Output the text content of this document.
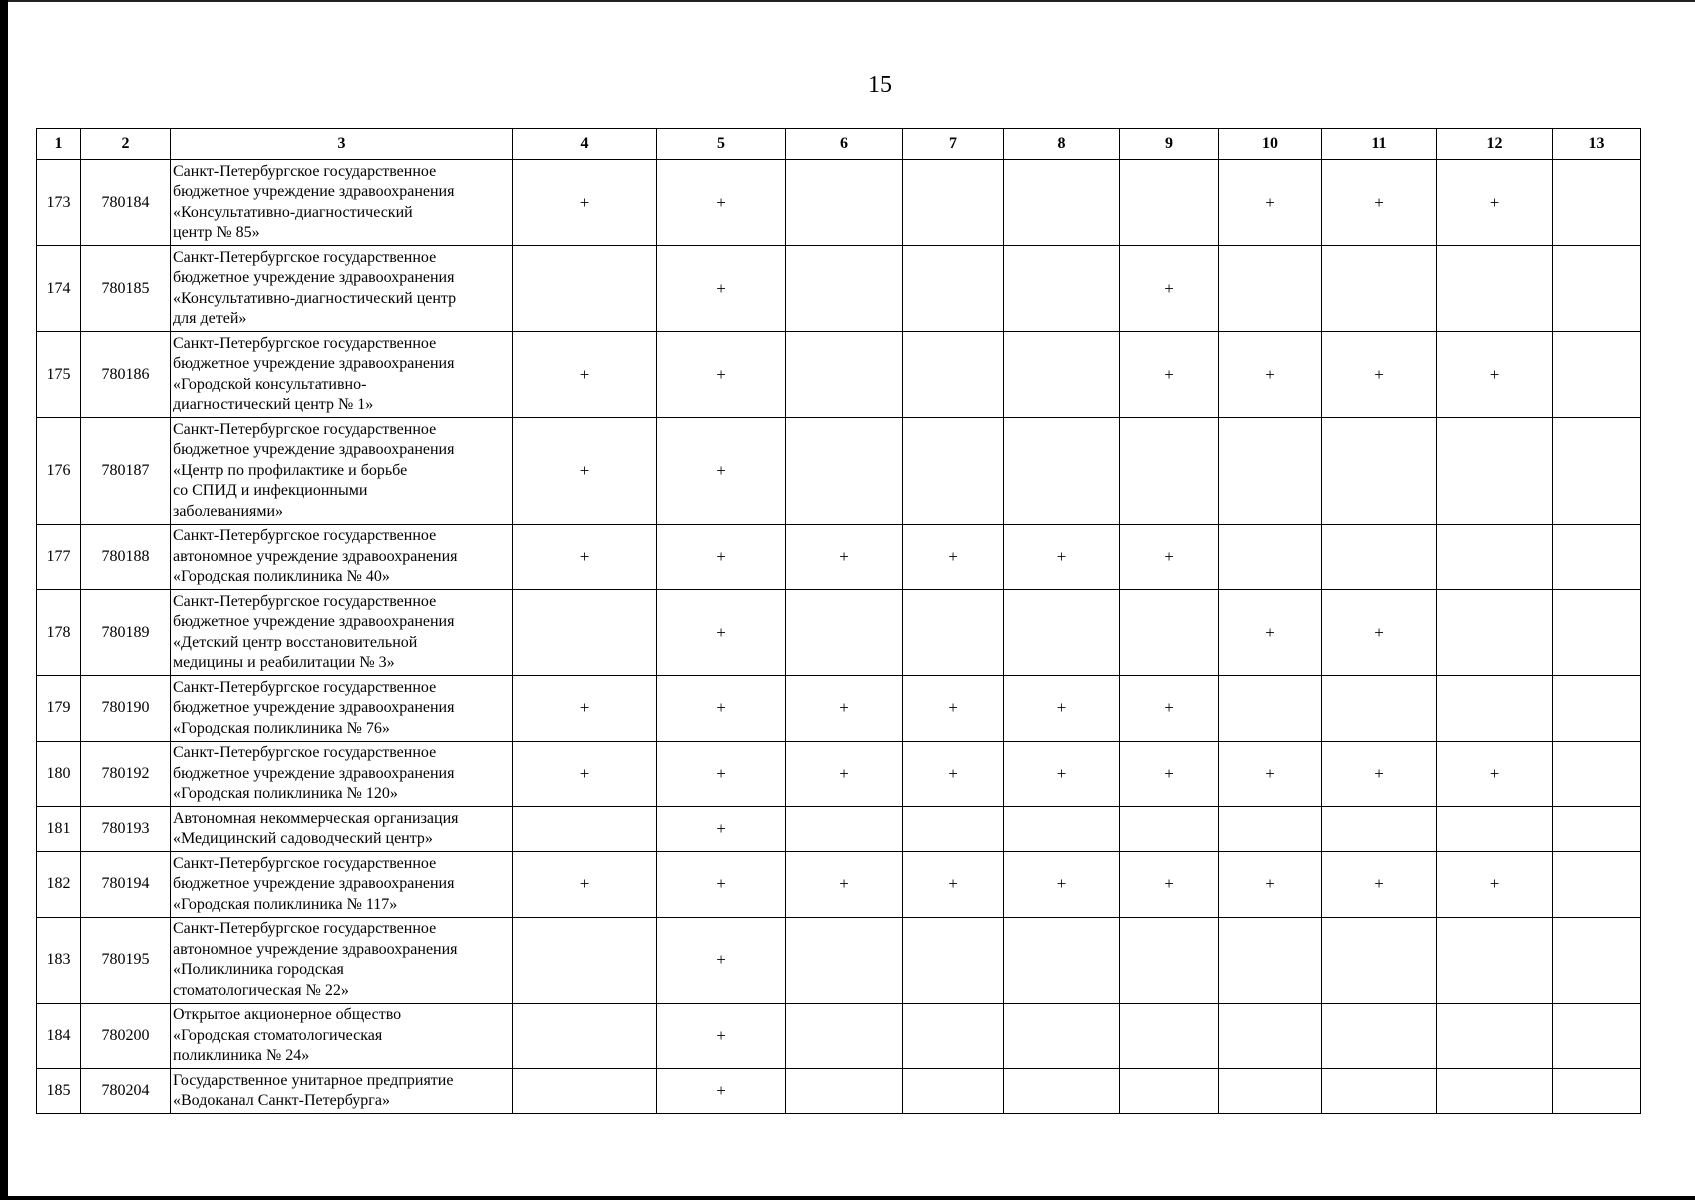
15
1	2	3	4	5	6	7	8	9	10	11	12	13
173	780184	Санкт-Петербургское государственное
бюджетное учреждение здравоохранения
«Консультативно-диагностический
центр № 85»	+	+					+	+	+	
174	780185	Санкт-Петербургское государственное
бюджетное учреждение здравоохранения
«Консультативно-диагностический центр
для детей»		+				+				
175	780186	Санкт-Петербургское государственное
бюджетное учреждение здравоохранения
«Городской консультативно-
диагностический центр № 1»	+	+				+	+	+	+	
176	780187	Санкт-Петербургское государственное
бюджетное учреждение здравоохранения
«Центр по профилактике и борьбе
со СПИД и инфекционными
заболеваниями»	+	+								
177	780188	Санкт-Петербургское государственное
автономное учреждение здравоохранения
«Городская поликлиника № 40»	+	+	+	+	+	+				
178	780189	Санкт-Петербургское государственное
бюджетное учреждение здравоохранения
«Детский центр восстановительной
медицины и реабилитации № 3»		+					+	+		
179	780190	Санкт-Петербургское государственное
бюджетное учреждение здравоохранения
«Городская поликлиника № 76»	+	+	+	+	+	+				
180	780192	Санкт-Петербургское государственное
бюджетное учреждение здравоохранения
«Городская поликлиника № 120»	+	+	+	+	+	+	+	+	+	
181	780193	Автономная некоммерческая организация
«Медицинский садоводческий центр»		+								
182	780194	Санкт-Петербургское государственное
бюджетное учреждение здравоохранения
«Городская поликлиника № 117»	+	+	+	+	+	+	+	+	+	
183	780195	Санкт-Петербургское государственное
автономное учреждение здравоохранения
«Поликлиника городская
стоматологическая № 22»		+								
184	780200	Открытое акционерное общество
«Городская стоматологическая
поликлиника № 24»		+								
185	780204	Государственное унитарное предприятие
«Водоканал Санкт-Петербурга»		+								
